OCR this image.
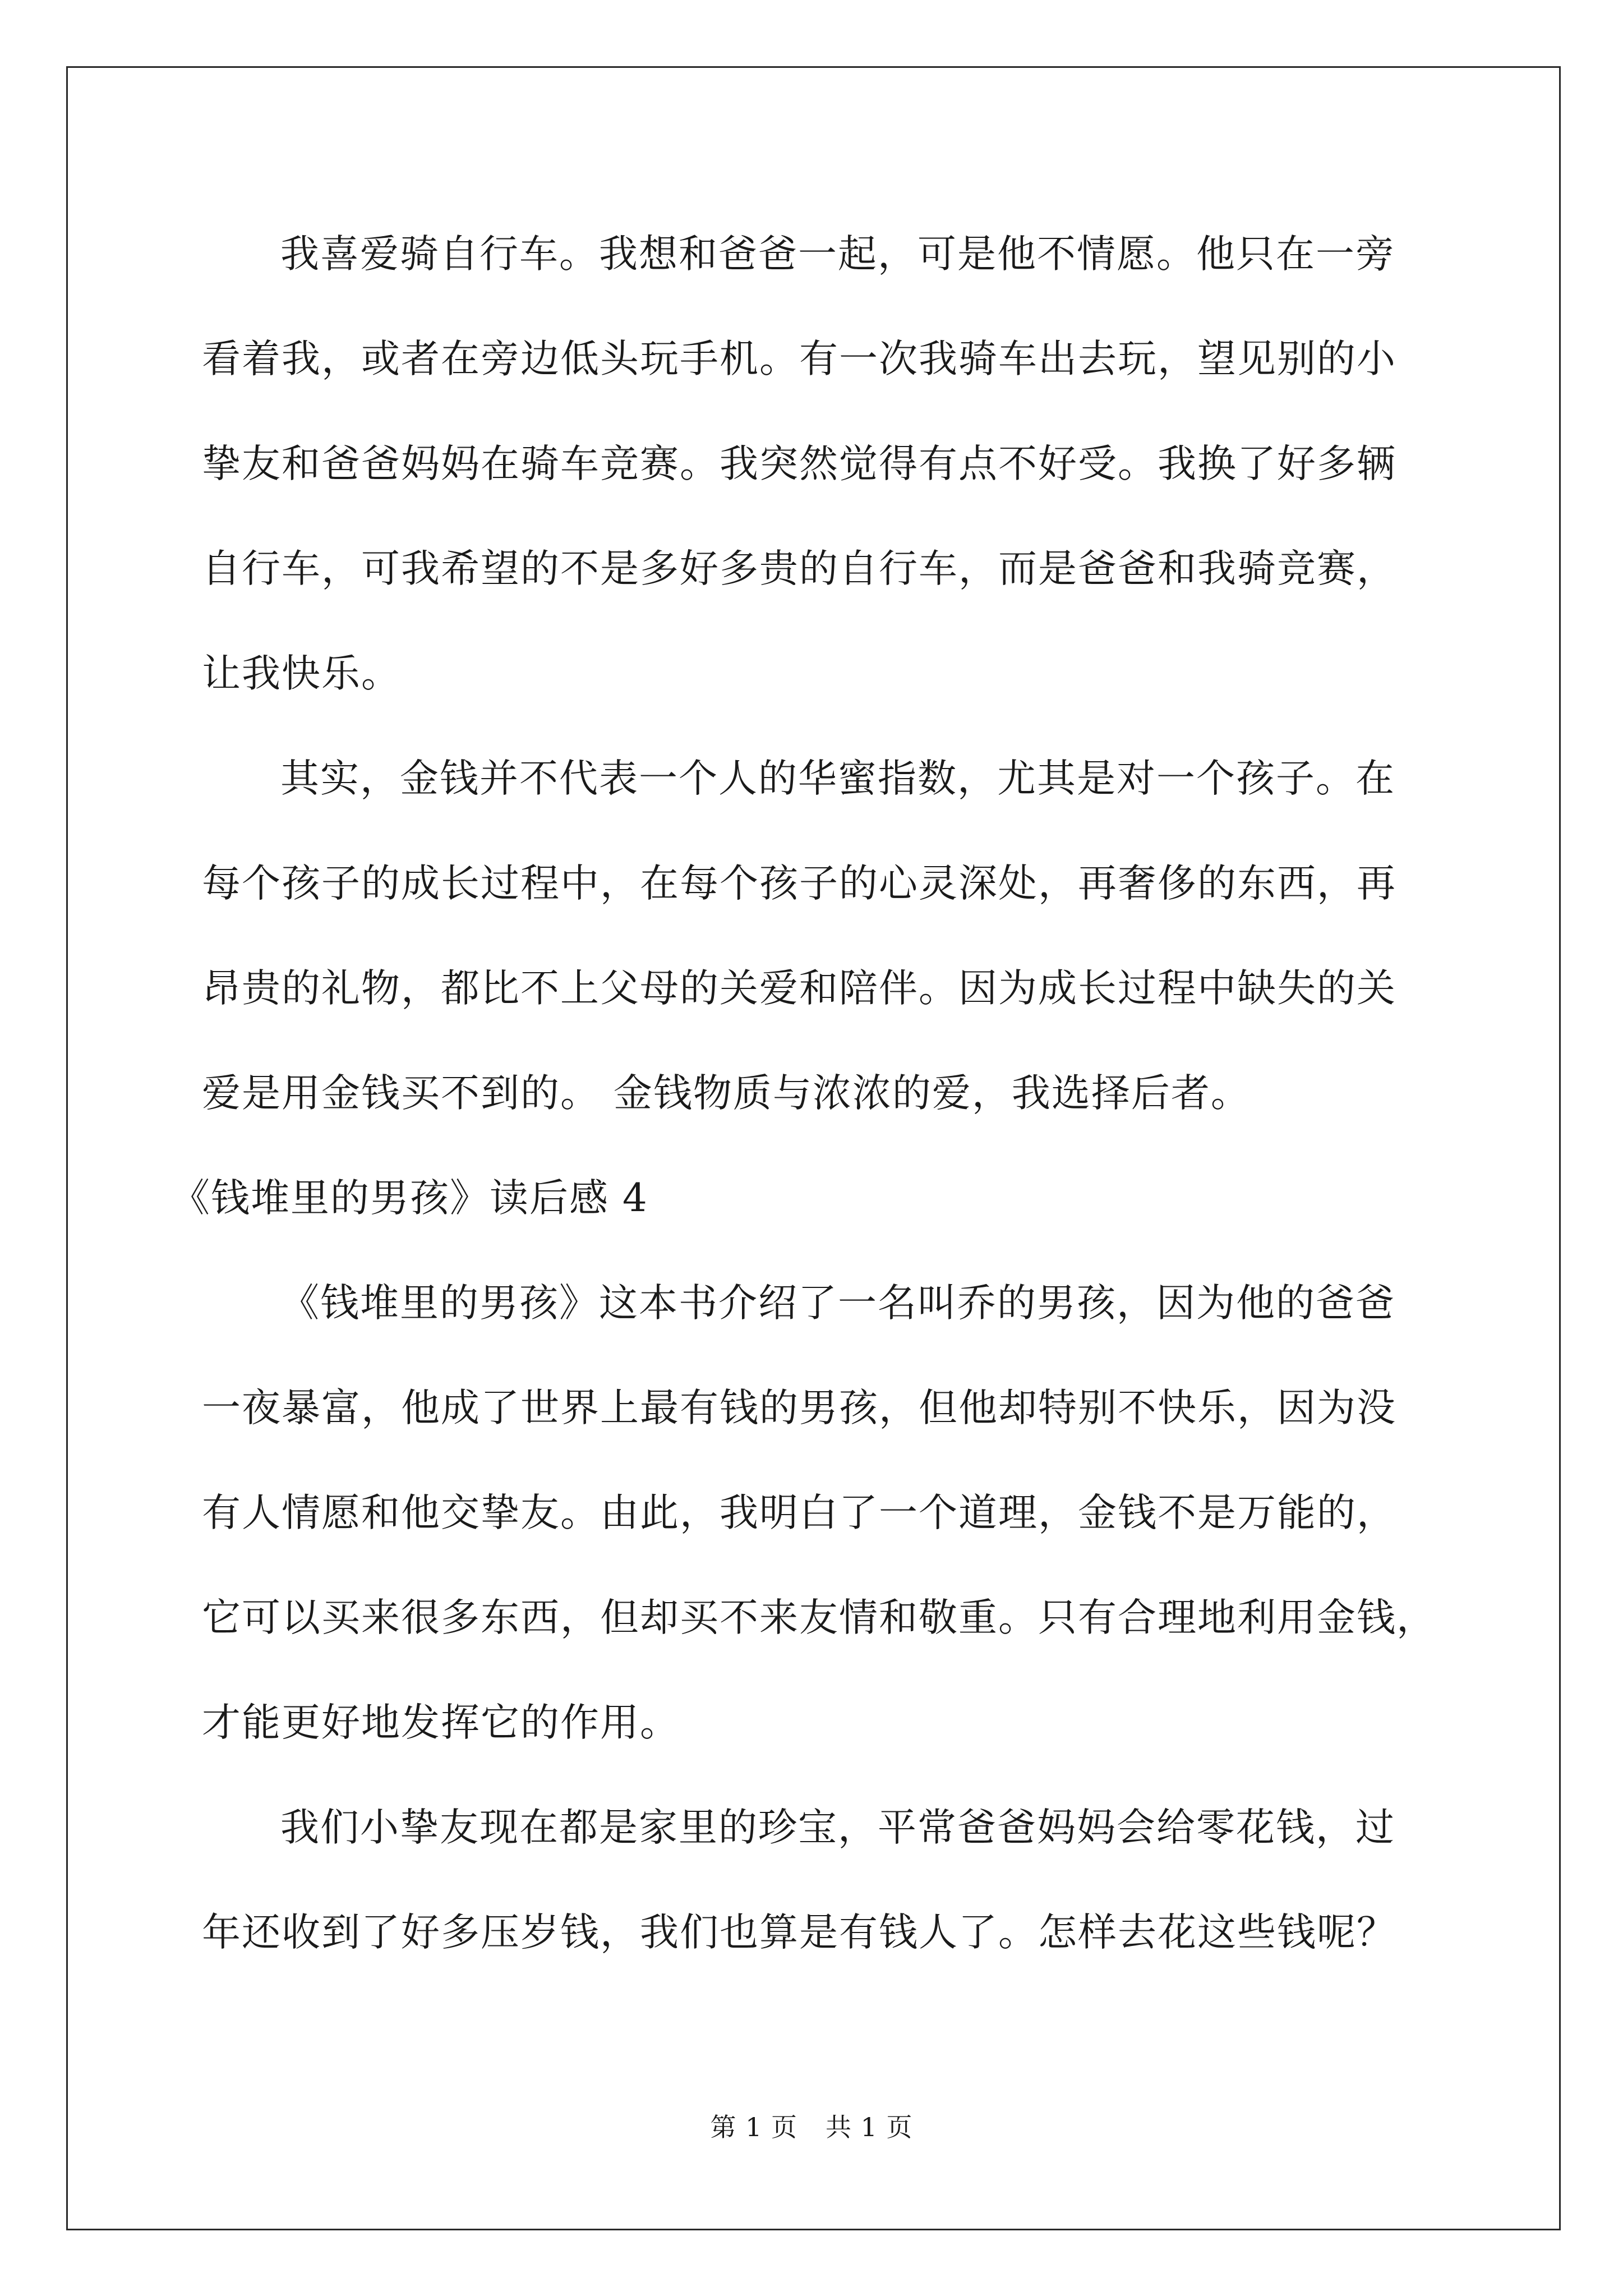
我喜爱骑自行车。我想和爸爸一起，可是他不情愿。他只在一旁
看着我，或者在旁边低头玩手机。有一次我骑车出去玩，望见别的小
挚友和爸爸妈妈在骑车竞赛。我突然觉得有点不好受。我换了好多辆
自行车，可我希望的不是多好多贵的自行车，而是爸爸和我骑竞赛，
让我快乐。

其实，金钱并不代表一个人的华蜜指数，尤其是对一个孩子。在
每个孩子的成长过程中，在每个孩子的心灵深处，再奢侈的东西，再
昂贵的礼物，都比不上父母的关爱和陪伴。因为成长过程中缺失的关
爱是用金钱买不到的。 金钱物质与浓浓的爱，我选择后者。

《钱堆里的男孩》读后感 4

《钱堆里的男孩》这本书介绍了一名叫乔的男孩，因为他的爸爸
一夜暴富，他成了世界上最有钱的男孩，但他却特别不快乐，因为没
有人情愿和他交挚友。由此，我明白了一个道理，金钱不是万能的，
它可以买来很多东西，但却买不来友情和敬重。只有合理地利用金钱，
才能更好地发挥它的作用。

我们小挚友现在都是家里的珍宝，平常爸爸妈妈会给零花钱，过
年还收到了好多压岁钱，我们也算是有钱人了。怎样去花这些钱呢？

第 1 页 共 1 页
